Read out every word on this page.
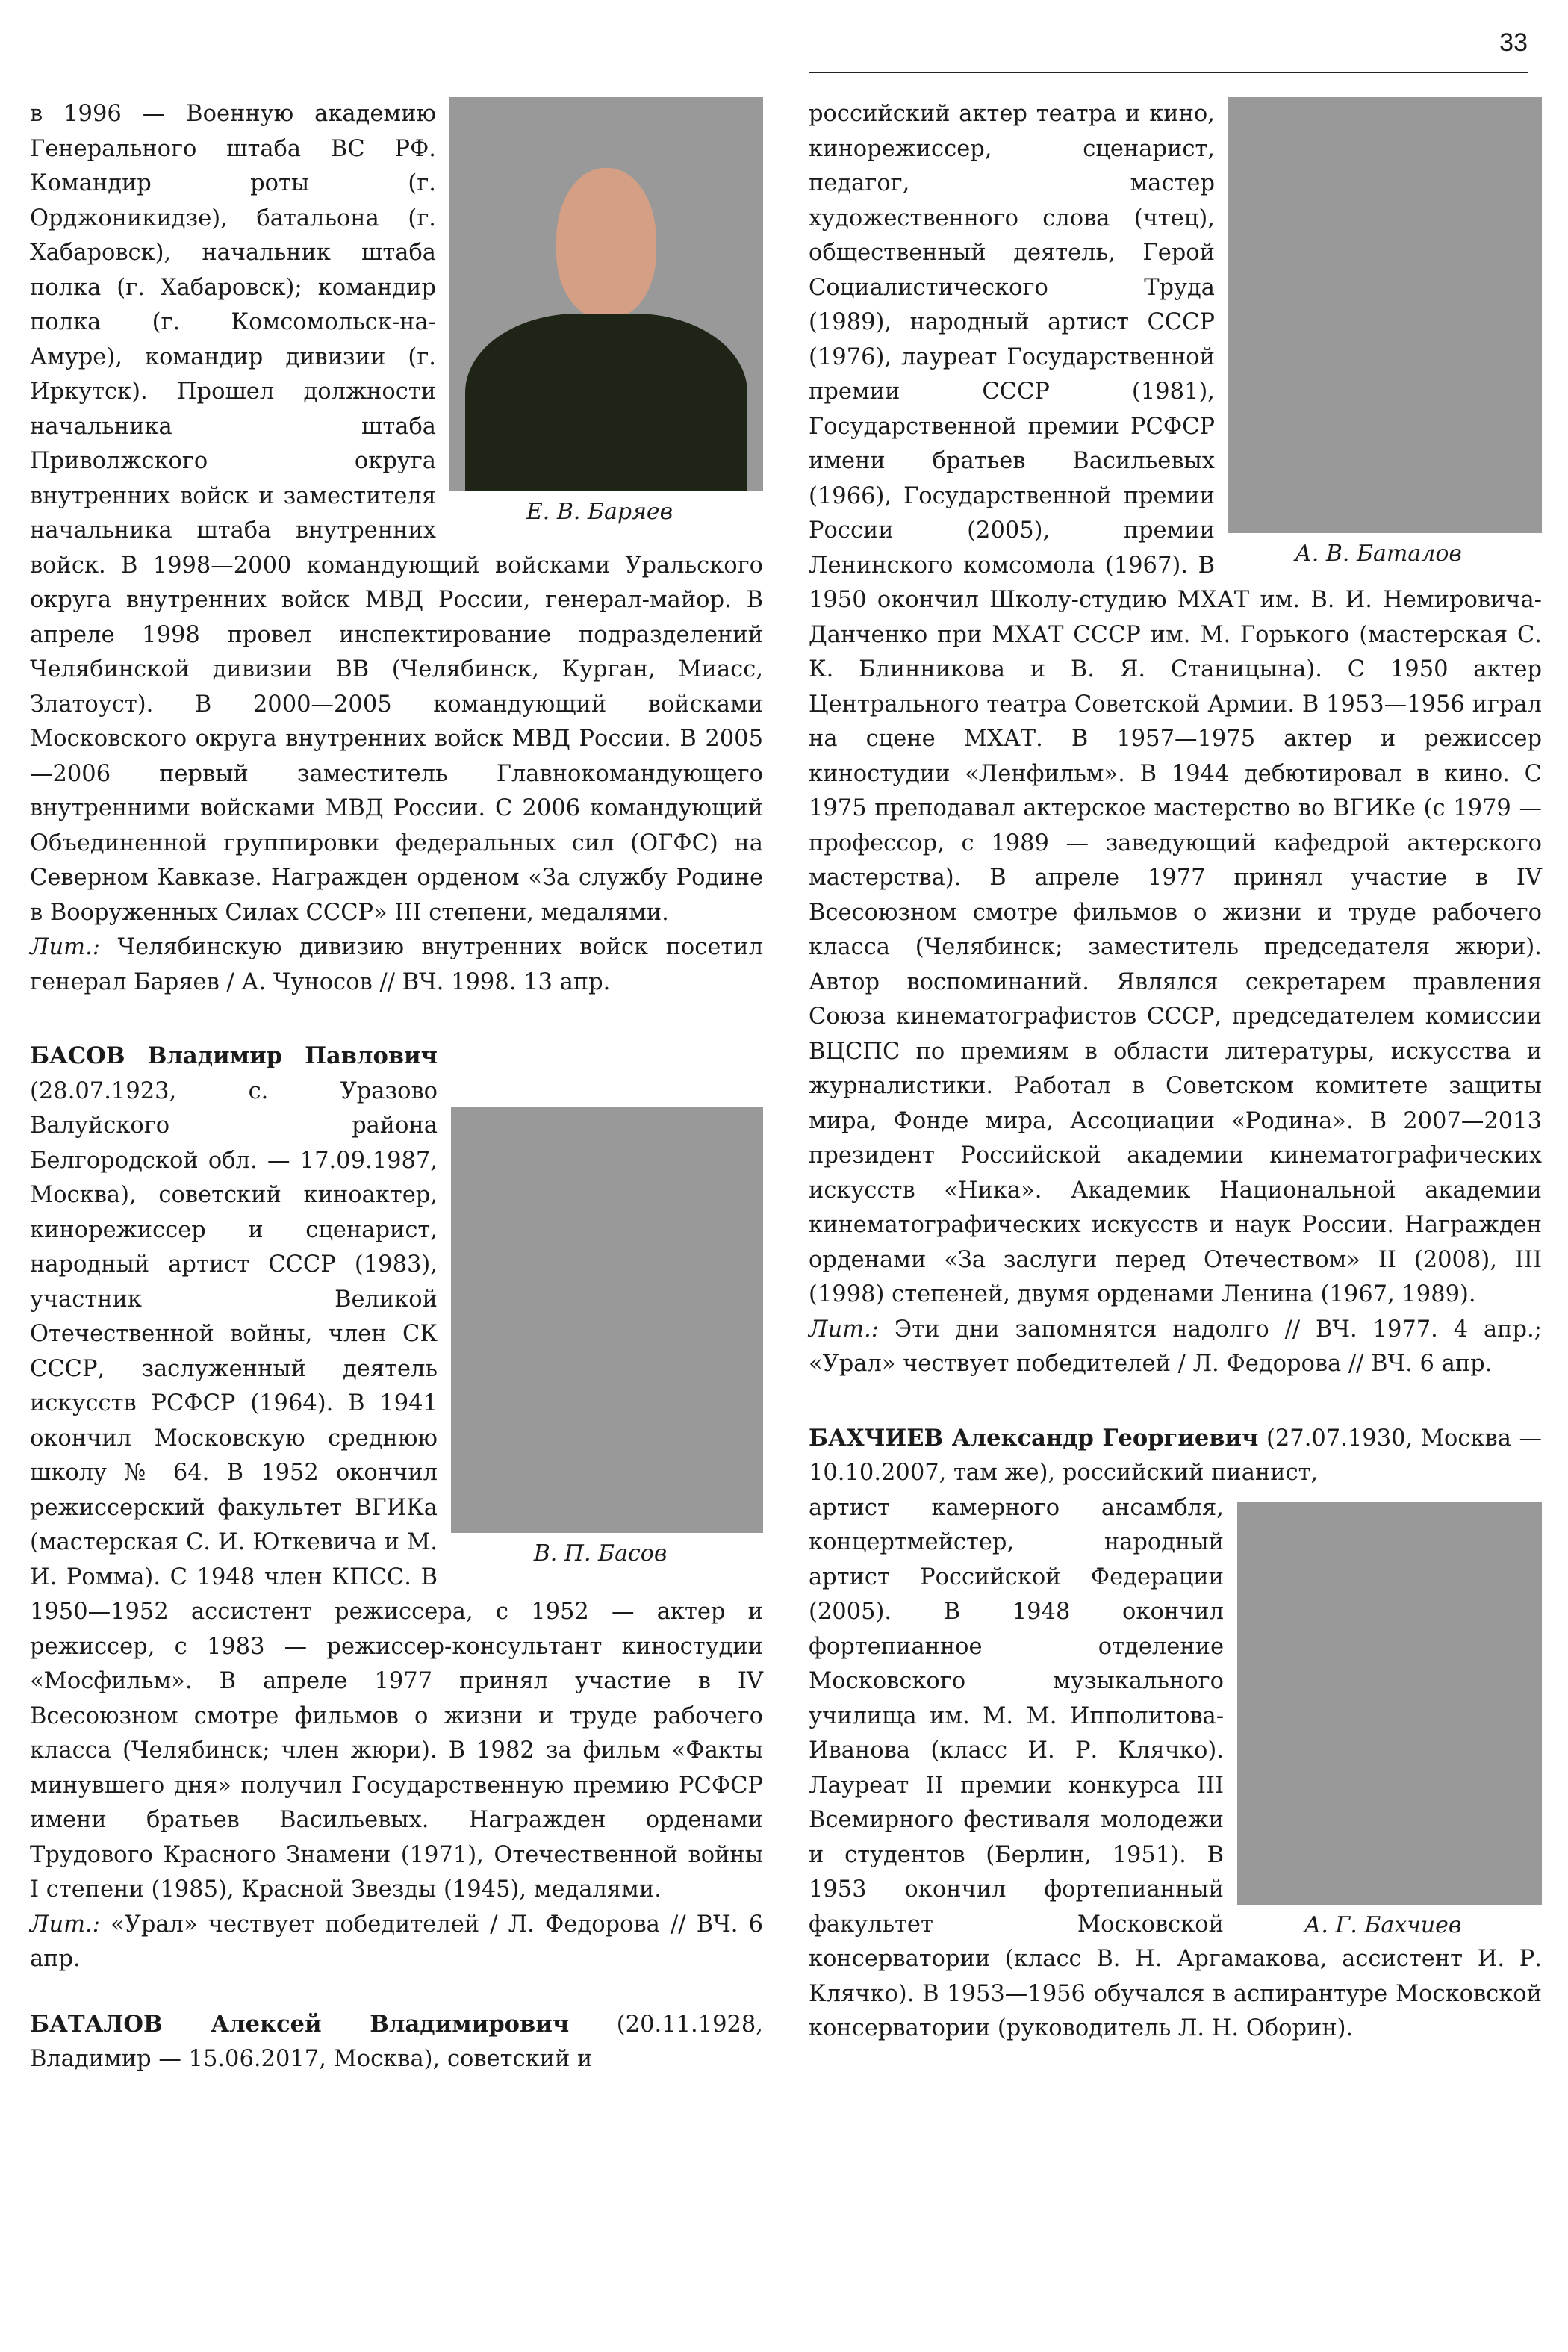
33
Е. В. Баряев

в 1996 — Военную академию Генерального штаба ВС РФ. Командир роты (г. Орджоникидзе), батальона (г. Хабаровск), начальник штаба полка (г. Хабаровск); командир полка (г. Комсомольск-на-Амуре), командир дивизии (г. Иркутск). Прошел должности начальника штаба Приволжского округа внутренних войск и заместителя начальника штаба внутренних войск. В 1998—2000 командующий войсками Уральского округа внутренних войск МВД России, генерал-майор. В апреле 1998 провел инспектирование подразделений Челябинской дивизии ВВ (Челябинск, Курган, Миасс, Златоуст). В 2000—2005 командующий войсками Московского округа внутренних войск МВД России. В 2005—2006 первый заместитель Главнокомандующего внутренними войсками МВД России. С 2006 командующий Объединенной группировки федеральных сил (ОГФС) на Северном Кавказе. Награжден орденом «За службу Родине в Вооруженных Силах СССР» III степени, медалями.

Лит.: Челябинскую дивизию внутренних войск посетил генерал Баряев / А. Чуносов // ВЧ. 1998. 13 апр.

В. П. Басов

БАСОВ Владимир Павлович (28.07.1923, с. Уразово Валуйского района Белгородской обл. — 17.09.1987, Москва), советский киноактер, кинорежиссер и сценарист, народный артист СССР (1983), участник Великой Отечественной войны, член СК СССР, заслуженный деятель искусств РСФСР (1964). В 1941 окончил Московскую среднюю школу № 64. В 1952 окончил режиссерский факультет ВГИКа (мастерская С. И. Юткевича и М. И. Ромма). С 1948 член КПСС. В 1950—1952 ассистент режиссера, с 1952 — актер и режиссер, с 1983 — режиссер-консультант киностудии «Мосфильм». В апреле 1977 принял участие в IV Всесоюзном смотре фильмов о жизни и труде рабочего класса (Челябинск; член жюри). В 1982 за фильм «Факты минувшего дня» получил Государственную премию РСФСР имени братьев Васильевых. Награжден орденами Трудового Красного Знамени (1971), Отечественной войны I степени (1985), Красной Звезды (1945), медалями.

Лит.: «Урал» чествует победителей / Л. Федорова // ВЧ. 6 апр.

БАТАЛОВ Алексей Владимирович (20.11.1928, Владимир — 15.06.2017, Москва), советский и

А. В. Баталов

российский актер театра и кино, кинорежиссер, сценарист, педагог, мастер художественного слова (чтец), общественный деятель, Герой Социалистического Труда (1989), народный артист СССР (1976), лауреат Государственной премии СССР (1981), Государственной премии РСФСР имени братьев Васильевых (1966), Государственной премии России (2005), премии Ленинского комсомола (1967). В 1950 окончил Школу-студию МХАТ им. В. И. Немировича-Данченко при МХАТ СССР им. М. Горького (мастерская С. К. Блинникова и В. Я. Станицына). С 1950 актер Центрального театра Советской Армии. В 1953—1956 играл на сцене МХАТ. В 1957—1975 актер и режиссер киностудии «Ленфильм». В 1944 дебютировал в кино. С 1975 преподавал актерское мастерство во ВГИКе (с 1979 — профессор, с 1989 — заведующий кафедрой актерского мастерства). В апреле 1977 принял участие в IV Всесоюзном смотре фильмов о жизни и труде рабочего класса (Челябинск; заместитель председателя жюри). Автор воспоминаний. Являлся секретарем правления Союза кинематографистов СССР, председателем комиссии ВЦСПС по премиям в области литературы, искусства и журналистики. Работал в Советском комитете защиты мира, Фонде мира, Ассоциации «Родина». В 2007—2013 президент Российской академии кинематографических искусств «Ника». Академик Национальной академии кинематографических искусств и наук России. Награжден орденами «За заслуги перед Отечеством» II (2008), III (1998) степеней, двумя орденами Ленина (1967, 1989).

Лит.: Эти дни запомнятся надолго // ВЧ. 1977. 4 апр.; «Урал» чествует победителей / Л. Федорова // ВЧ. 6 апр.

БАХЧИЕВ Александр Георгиевич (27.07.1930, Москва — 10.10.2007, там же), российский пианист,

А. Г. Бахчиев

артист камерного ансамбля, концертмейстер, народный артист Российской Федерации (2005). В 1948 окончил фортепианное отделение Московского музыкального училища им. М. М. Ипполитова-Иванова (класс И. Р. Клячко). Лауреат II премии конкурса III Всемирного фестиваля молодежи и студентов (Берлин, 1951). В 1953 окончил фортепианный факультет Московской консерватории (класс В. Н. Аргамакова, ассистент И. Р. Клячко). В 1953—1956 обучался в аспирантуре Московской консерватории (руководитель Л. Н. Оборин).
